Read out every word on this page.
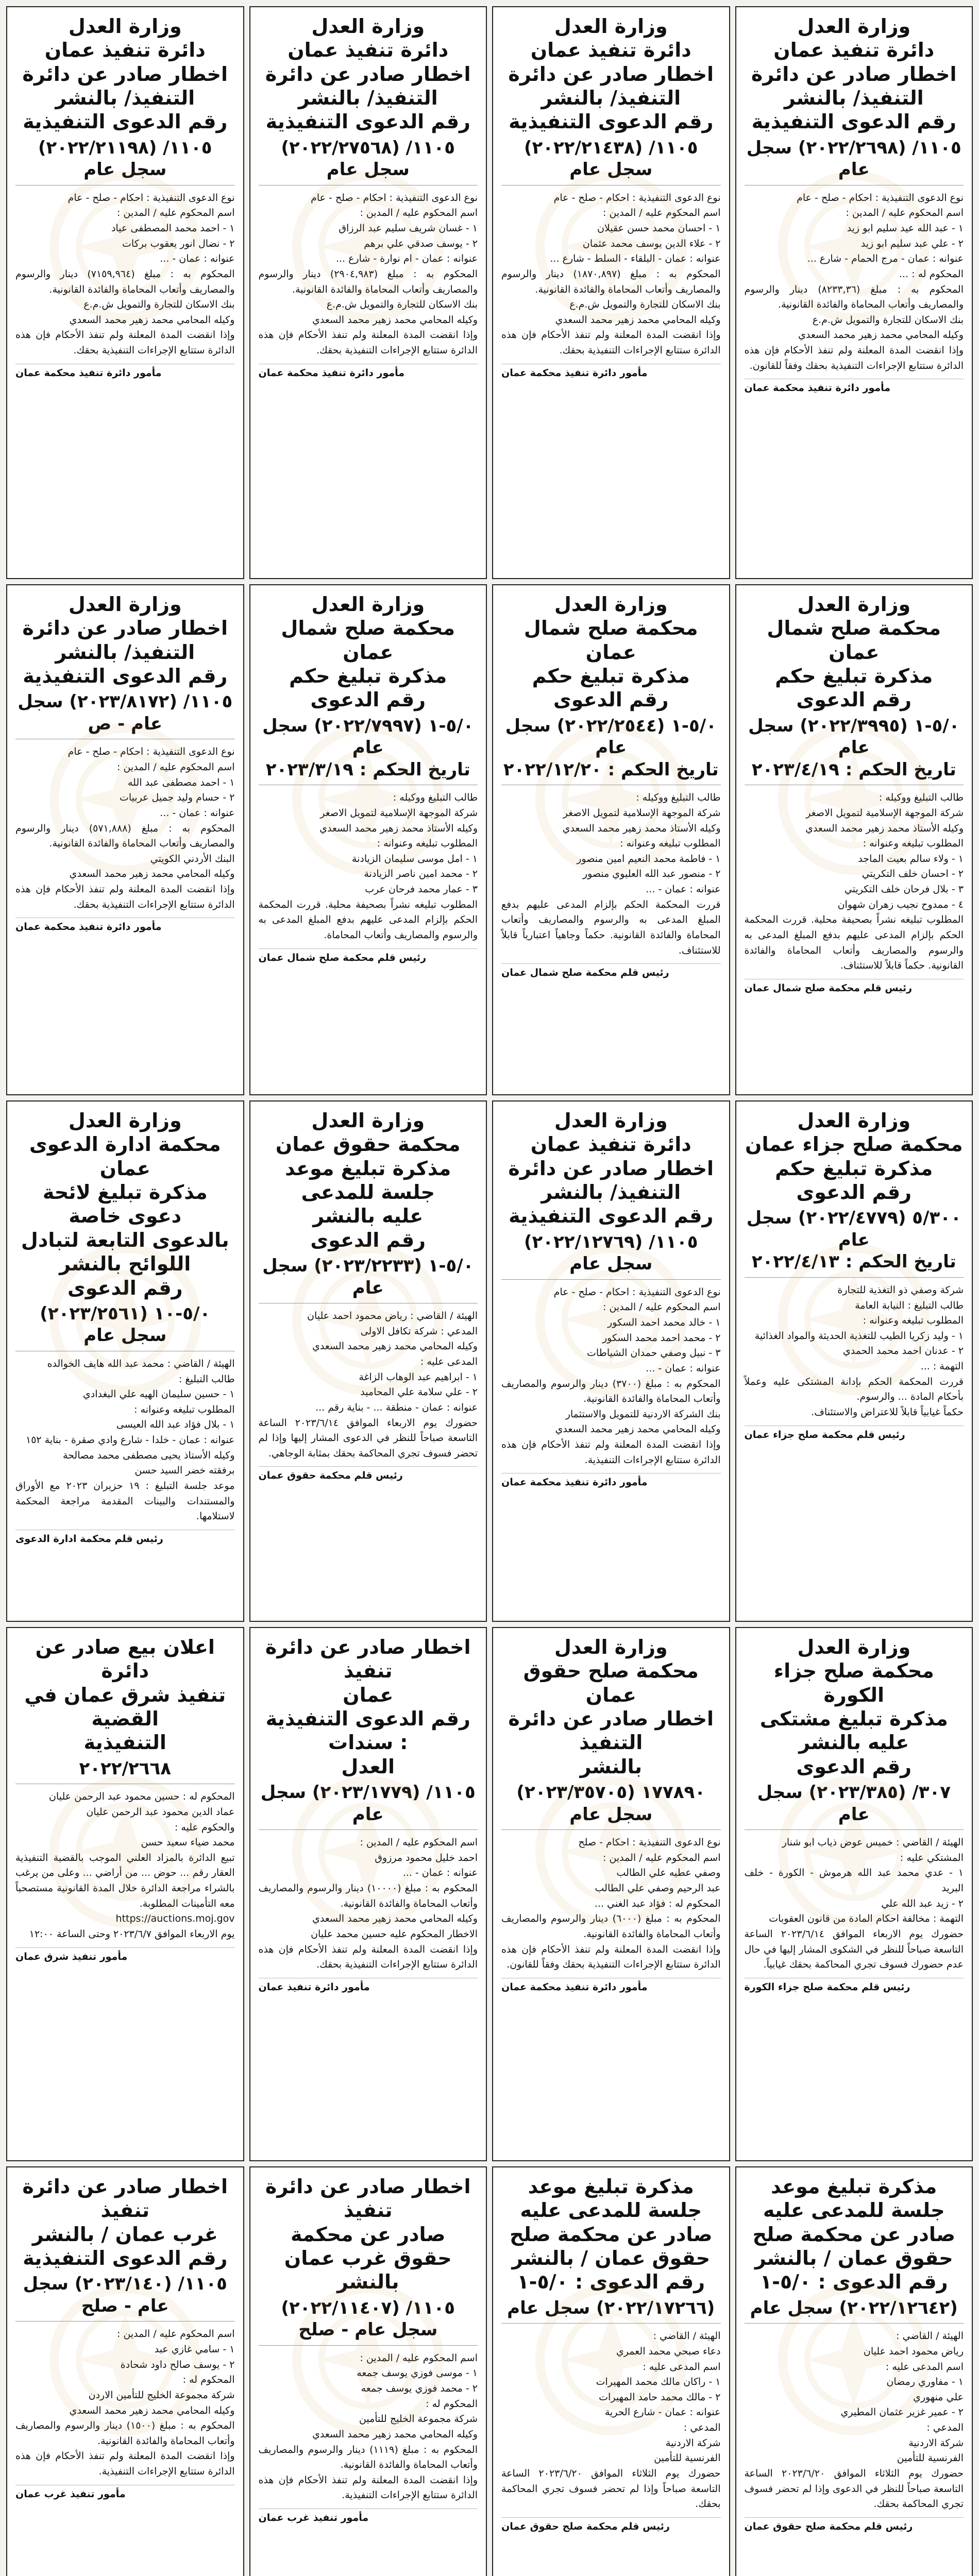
وزارة العدل
دائرة تنفيذ عمان
اخطار صادر عن دائرة التنفيذ/ بالنشر
رقم الدعوى التنفيذية
١١٠٥/ (٢٠٢٢/٢٦٩٨) سجل عام
نوع الدعوى التنفيذية : احكام - صلح - عام
اسم المحكوم عليه / المدين :
١ - عبد الله عيد سليم ابو زيد
٢ - علي عبد سليم ابو زيد
عنوانه : عمان - مرج الحمام - شارع ...
المحكوم له : ...
المحكوم به : مبلغ (٨٢٣٣,٣٦) دينار والرسوم والمصاريف وأتعاب المحاماة والفائدة القانونية.
بنك الاسكان للتجارة والتمويل ش.م.ع
وكيله المحامي محمد زهير محمد السعدي
وإذا انقضت المدة المعلنة ولم تنفذ الأحكام فإن هذه الدائرة ستتابع الإجراءات التنفيذية بحقك وفقاً للقانون.
مأمور دائرة تنفيذ محكمة عمان
وزارة العدل
دائرة تنفيذ عمان
اخطار صادر عن دائرة التنفيذ/ بالنشر
رقم الدعوى التنفيذية
١١٠٥/ (٢٠٢٢/٢١٤٣٨) سجل عام
نوع الدعوى التنفيذية : احكام - صلح - عام
اسم المحكوم عليه / المدين :
١ - احسان محمد حسن عقيلان
٢ - علاء الدين يوسف محمد عثمان
عنوانه : عمان - البلقاء - السلط - شارع ...
المحكوم به : مبلغ (١٨٧٠,٨٩٧) دينار والرسوم والمصاريف وأتعاب المحاماة والفائدة القانونية.
بنك الاسكان للتجارة والتمويل ش.م.ع
وكيله المحامي محمد زهير محمد السعدي
وإذا انقضت المدة المعلنة ولم تنفذ الأحكام فإن هذه الدائرة ستتابع الإجراءات التنفيذية بحقك.
مأمور دائرة تنفيذ محكمة عمان
وزارة العدل
دائرة تنفيذ عمان
اخطار صادر عن دائرة التنفيذ/ بالنشر
رقم الدعوى التنفيذية
١١٠٥/ (٢٠٢٢/٢٧٥٦٨) سجل عام
نوع الدعوى التنفيذية : احكام - صلح - عام
اسم المحكوم عليه / المدين :
١ - غسان شريف سليم عبد الرزاق
٢ - يوسف صدقي علي برهم
عنوانه : عمان - ام نوارة - شارع ...
المحكوم به : مبلغ (٢٩٠٤,٩٨٣) دينار والرسوم والمصاريف وأتعاب المحاماة والفائدة القانونية.
بنك الاسكان للتجارة والتمويل ش.م.ع
وكيله المحامي محمد زهير محمد السعدي
وإذا انقضت المدة المعلنة ولم تنفذ الأحكام فإن هذه الدائرة ستتابع الإجراءات التنفيذية بحقك.
مأمور دائرة تنفيذ محكمة عمان
وزارة العدل
دائرة تنفيذ عمان
اخطار صادر عن دائرة التنفيذ/ بالنشر
رقم الدعوى التنفيذية
١١٠٥/ (٢٠٢٢/٢١١٩٨) سجل عام
نوع الدعوى التنفيذية : احكام - صلح - عام
اسم المحكوم عليه / المدين :
١ - احمد محمد المصطفى عياد
٢ - نضال انور يعقوب بركات
عنوانه : عمان - ...
المحكوم به : مبلغ (٧١٥٩,٩٦٤) دينار والرسوم والمصاريف وأتعاب المحاماة والفائدة القانونية.
بنك الاسكان للتجارة والتمويل ش.م.ع
وكيله المحامي محمد زهير محمد السعدي
وإذا انقضت المدة المعلنة ولم تنفذ الأحكام فإن هذه الدائرة ستتابع الإجراءات التنفيذية بحقك.
مأمور دائرة تنفيذ محكمة عمان
وزارة العدل
محكمة صلح شمال عمان
مذكرة تبليغ حكم
رقم الدعوى
٥/٠-١ (٢٠٢٢/٣٩٩٥) سجل عام
تاريخ الحكم : ٢٠٢٣/٤/١٩
طالب التبليغ ووكيله :
شركة الموجهة الإسلامية لتمويل الاصغر
وكيله الأستاذ محمد زهير محمد السعدي
المطلوب تبليغه وعنوانه :
١ - ولاء سالم بعيت الماجد
٢ - احسان خلف التكريتي
٣ - بلال فرحان خلف التكريتي
٤ - ممدوح نجيب زهران شهوان
المطلوب تبليغه نشراً بصحيفة محلية. قررت المحكمة الحكم بإلزام المدعى عليهم بدفع المبلغ المدعى به والرسوم والمصاريف وأتعاب المحاماة والفائدة القانونية. حكماً قابلاً للاستئناف.
رئيس قلم محكمة صلح شمال عمان
وزارة العدل
محكمة صلح شمال عمان
مذكرة تبليغ حكم
رقم الدعوى
٥/٠-١ (٢٠٢٢/٢٥٤٤) سجل عام
تاريخ الحكم : ٢٠٢٢/١٢/٢٠
طالب التبليغ ووكيله :
شركة الموجهة الإسلامية لتمويل الاصغر
وكيله الأستاذ محمد زهير محمد السعدي
المطلوب تبليغه وعنوانه :
١ - فاطمة محمد النعيم امين منصور
٢ - منصور عبد الله العليوي منصور
عنوانه : عمان - ...
قررت المحكمة الحكم بإلزام المدعى عليهم بدفع المبلغ المدعى به والرسوم والمصاريف وأتعاب المحاماة والفائدة القانونية. حكماً وجاهياً اعتبارياً قابلاً للاستئناف.
رئيس قلم محكمة صلح شمال عمان
وزارة العدل
محكمة صلح شمال عمان
مذكرة تبليغ حكم
رقم الدعوى
٥/٠-١ (٢٠٢٢/٧٩٩٧) سجل عام
تاريخ الحكم : ٢٠٢٣/٣/١٩
طالب التبليغ ووكيله :
شركة الموجهة الإسلامية لتمويل الاصغر
وكيله الأستاذ محمد زهير محمد السعدي
المطلوب تبليغه وعنوانه :
١ - امل موسى سليمان الزيادنة
٢ - محمد امين ناصر الزيادنة
٣ - عمار محمد فرحان عرب
المطلوب تبليغه نشراً بصحيفة محلية. قررت المحكمة الحكم بإلزام المدعى عليهم بدفع المبلغ المدعى به والرسوم والمصاريف وأتعاب المحاماة.
رئيس قلم محكمة صلح شمال عمان
وزارة العدل
اخطار صادر عن دائرة التنفيذ/ بالنشر
رقم الدعوى التنفيذية
١١٠٥/ (٢٠٢٣/٨١٧٢) سجل عام - ص
نوع الدعوى التنفيذية : احكام - صلح - عام
اسم المحكوم عليه / المدين :
١ - احمد مصطفى عبد الله
٢ - حسام وليد جميل عربيات
عنوانه : عمان - ...
المحكوم به : مبلغ (٥٧١,٨٨٨) دينار والرسوم والمصاريف وأتعاب المحاماة والفائدة القانونية.
البنك الأردني الكويتي
وكيله المحامي محمد زهير محمد السعدي
وإذا انقضت المدة المعلنة ولم تنفذ الأحكام فإن هذه الدائرة ستتابع الإجراءات التنفيذية بحقك.
مأمور دائرة تنفيذ محكمة عمان
وزارة العدل
محكمة صلح جزاء عمان
مذكرة تبليغ حكم
رقم الدعوى
٥/٣٠٠ (٢٠٢٢/٤٧٧٩) سجل عام
تاريخ الحكم : ٢٠٢٢/٤/١٣
شركة وصفي ذو التغذية للتجارة
طالب التبليغ : النيابة العامة
المطلوب تبليغه وعنوانه :
١ - وليد زكريا الطيب للتغذية الحديثة والمواد الغذائية
٢ - عدنان احمد محمد الحمدي
التهمة : ...
قررت المحكمة الحكم بإدانة المشتكى عليه وعملاً بأحكام المادة ... والرسوم.
حكماً غيابياً قابلاً للاعتراض والاستئناف.
رئيس قلم محكمة صلح جزاء عمان
وزارة العدل
دائرة تنفيذ عمان
اخطار صادر عن دائرة التنفيذ/ بالنشر
رقم الدعوى التنفيذية
١١٠٥/ (٢٠٢٢/١٢٧٦٩) سجل عام
نوع الدعوى التنفيذية : احكام - صلح - عام
اسم المحكوم عليه / المدين :
١ - خالد محمد احمد السكور
٢ - محمد احمد محمد السكور
٣ - نبيل وصفي حمدان الشياطات
عنوانه : عمان - ...
المحكوم به : مبلغ (٣٧٠٠) دينار والرسوم والمصاريف وأتعاب المحاماة والفائدة القانونية.
بنك الشركة الاردنية للتمويل والاستثمار
وكيله المحامي محمد زهير محمد السعدي
وإذا انقضت المدة المعلنة ولم تنفذ الأحكام فإن هذه الدائرة ستتابع الإجراءات التنفيذية.
مأمور دائرة تنفيذ محكمة عمان
وزارة العدل
محكمة حقوق عمان
مذكرة تبليغ موعد جلسة للمدعى
عليه بالنشر
رقم الدعوى
٥/٠-١ (٢٠٢٣/٢٢٣٣) سجل عام
الهيئة / القاضي : رياض محمود احمد عليان
المدعي : شركة تكافل الاولى
وكيله المحامي محمد زهير محمد السعدي
المدعى عليه :
١ - ابراهيم عبد الوهاب الزاغة
٢ - علي سلامة علي المحاميد
عنوانه : عمان - منطقة ... - بناية رقم ...
حضورك يوم الاربعاء الموافق ٢٠٢٣/٦/١٤ الساعة التاسعة صباحاً للنظر في الدعوى المشار إليها وإذا لم تحضر فسوف تجري المحاكمة بحقك بمثابة الوجاهي.
رئيس قلم محكمة حقوق عمان
وزارة العدل
محكمة ادارة الدعوى عمان
مذكرة تبليغ لائحة دعوى خاصة
بالدعوى التابعة لتبادل اللوائح بالنشر
رقم الدعوى
٥/٠-١٠ (٢٠٢٣/٢٥٦١) سجل عام
الهيئة / القاضي : محمد عبد الله هايف الخوالده
طالب التبليغ :
١ - حسين سليمان الهيه علي البغدادي
المطلوب تبليغه وعنوانه :
١ - بلال فؤاد عبد الله العيسى
عنوانه : عمان - خلدا - شارع وادي صقرة - بناية ١٥٢
وكيله الأستاذ يحيى مصطفى محمد مصالحة
برفقته خضر السيد حسن
موعد جلسة التبليغ : ١٩ حزيران ٢٠٢٣ مع الأوراق والمستندات والبينات المقدمة مراجعة المحكمة لاستلامها.
رئيس قلم محكمة ادارة الدعوى
وزارة العدل
محكمة صلح جزاء الكورة
مذكرة تبليغ مشتكى عليه بالنشر
رقم الدعوى
٣٠٧/ (٢٠٢٣/٣٨٥) سجل عام
الهيئة / القاضي : خميس عوض ذياب ابو شنار
المشتكي عليه :
١ - عدي محمد عبد الله هرموش - الكورة - خلف البريد
٢ - زيد عبد الله علي
التهمة : مخالفة احكام المادة من قانون العقوبات
حضورك يوم الاربعاء الموافق ٢٠٢٣/٦/١٤ الساعة التاسعة صباحاً للنظر في الشكوى المشار إليها في حال عدم حضورك فسوف تجري المحاكمة بحقك غيابياً.
رئيس قلم محكمة صلح جزاء الكورة
وزارة العدل
محكمة صلح حقوق عمان
اخطار صادر عن دائرة التنفيذ
بالنشر
١٧٧٨٩٠ (٢٠٢٣/٣٥٧٠٥) سجل عام
نوع الدعوى التنفيذية : احكام - صلح
اسم المحكوم عليه / المدين :
وصفي عطيه علي الطالب
عبد الرحيم وصفي علي الطالب
المحكوم له : فؤاد عبد الغني ...
المحكوم به : مبلغ (٦٠٠٠) دينار والرسوم والمصاريف وأتعاب المحاماة والفائدة القانونية.
وإذا انقضت المدة المعلنة ولم تنفذ الأحكام فإن هذه الدائرة ستتابع الإجراءات التنفيذية بحقك وفقاً للقانون.
مأمور دائرة تنفيذ محكمة عمان
اخطار صادر عن دائرة تنفيذ
عمان
رقم الدعوى التنفيذية : سندات
العدل
١١٠٥/ (٢٠٢٣/١٧٧٩) سجل عام
اسم المحكوم عليه / المدين :
احمد خليل محمود مرزوق
عنوانه : عمان - ...
المحكوم به : مبلغ (١٠٠٠٠) دينار والرسوم والمصاريف وأتعاب المحاماة والفائدة القانونية.
وكيله المحامي محمد زهير محمد السعدي
الاخطار المحكوم عليه حسين محمد عليان
وإذا انقضت المدة المعلنة ولم تنفذ الأحكام فإن هذه الدائرة ستتابع الإجراءات التنفيذية بحقك.
مأمور دائرة تنفيذ عمان
اعلان بيع صادر عن دائرة
تنفيذ شرق عمان في القضية
التنفيذية
٢٠٢٢/٢٦٦٨
المحكوم له : حسين محمود عبد الرحمن عليان
عماد الدين محمود عبد الرحمن عليان
والحكوم عليه :
محمد ضياء سعيد حسن
تبيع الدائرة بالمزاد العلني الموجب بالقضية التنفيذية العقار رقم ... حوض ... من أراضي ... وعلى من يرغب بالشراء مراجعة الدائرة خلال المدة القانونية مستصحباً معه التأمينات المطلوبة.
https://auctions.moj.gov
يوم الاربعاء الموافق ٢٠٢٣/٦/٧ وحتى الساعة ١٢:٠٠
مأمور تنفيذ شرق عمان
مذكرة تبليغ موعد
جلسة للمدعى عليه
صادر عن محكمة صلح
حقوق عمان / بالنشر
رقم الدعوى : ٥/٠-١
(٢٠٢٢/١٢٦٤٢) سجل عام
الهيئة / القاضي :
رياض محمود احمد عليان
اسم المدعى عليه :
١ - مفاوري رمضان
علي منهوري
٢ - عمير غزير عثمان المطيري
المدعي :
شركة الاردنية
الفرنسية للتأمين
حضورك يوم الثلاثاء الموافق ٢٠٢٣/٦/٢٠ الساعة التاسعة صباحاً للنظر في الدعوى وإذا لم تحضر فسوف تجري المحاكمة بحقك.
رئيس قلم محكمة صلح حقوق عمان
مذكرة تبليغ موعد
جلسة للمدعى عليه
صادر عن محكمة صلح
حقوق عمان / بالنشر
رقم الدعوى : ٥/٠-١
(٢٠٢٢/١٧٢٦٦) سجل عام
الهيئة / القاضي :
دعاء صبحي محمد العمري
اسم المدعى عليه :
١ - راكان مالك محمد المهيرات
٢ - مالك محمد حامد المهيرات
عنوانه : عمان - شارع الحرية
المدعي :
شركة الاردنية
الفرنسية للتأمين
حضورك يوم الثلاثاء الموافق ٢٠٢٣/٦/٢٠ الساعة التاسعة صباحاً وإذا لم تحضر فسوف تجري المحاكمة بحقك.
رئيس قلم محكمة صلح حقوق عمان
اخطار صادر عن دائرة تنفيذ
صادر عن محكمة حقوق غرب عمان
بالنشر
١١٠٥/ (٢٠٢٢/١١٤٠٧) سجل عام - صلح
اسم المحكوم عليه / المدين :
١ - موسى فوزي يوسف جمعه
٢ - محمد فوزي يوسف جمعه
المحكوم له :
شركة مجموعة الخليج للتأمين
وكيله المحامي محمد زهير محمد السعدي
المحكوم به : مبلغ (١١١٩) دينار والرسوم والمصاريف وأتعاب المحاماة والفائدة القانونية.
وإذا انقضت المدة المعلنة ولم تنفذ الأحكام فإن هذه الدائرة ستتابع الإجراءات التنفيذية.
مأمور تنفيذ غرب عمان
اخطار صادر عن دائرة تنفيذ
غرب عمان / بالنشر
رقم الدعوى التنفيذية
١١٠٥/ (٢٠٢٣/١٤٠) سجل عام - صلح
اسم المحكوم عليه / المدين :
١ - سامي غازي عبد
٢ - يوسف صالح داود شحادة
المحكوم له :
شركة مجموعة الخليج للتأمين الاردن
وكيله المحامي محمد زهير محمد السعدي
المحكوم به : مبلغ (١٥٠٠) دينار والرسوم والمصاريف وأتعاب المحاماة والفائدة القانونية.
وإذا انقضت المدة المعلنة ولم تنفذ الأحكام فإن هذه الدائرة ستتابع الإجراءات التنفيذية.
مأمور تنفيذ غرب عمان
